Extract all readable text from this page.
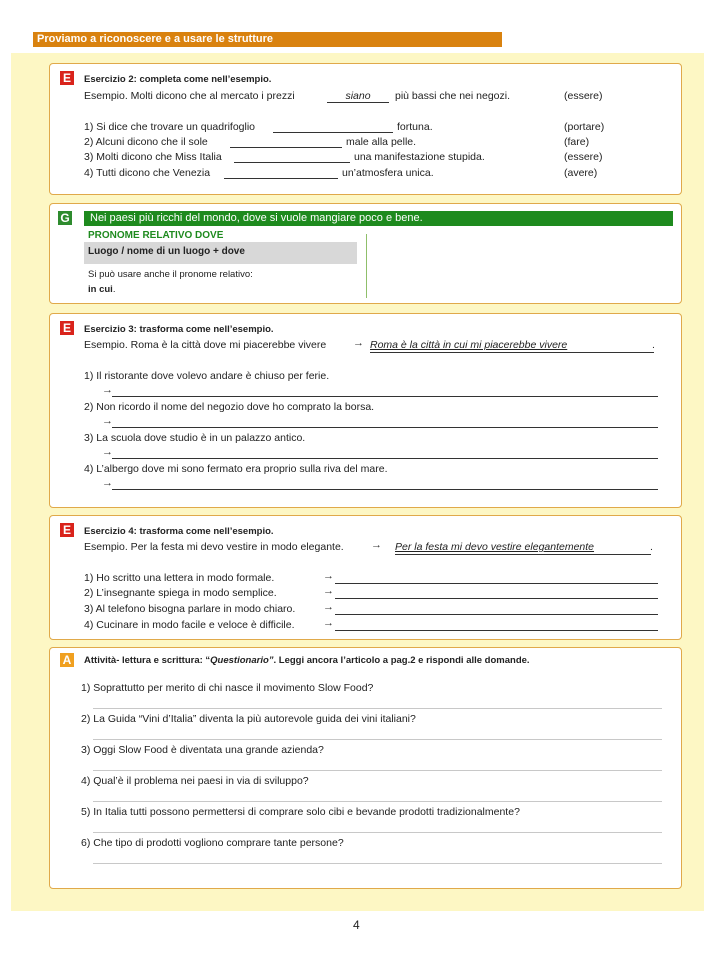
Proviamo a riconoscere e a usare le strutture
E	Esercizio 2: completa come nell’esempio.
Esempio. Molti dicono che al mercato i prezzi	siano	più bassi che nei negozi.	(essere)
1) Si dice che trovare un quadrifoglio	fortuna.	(portare)
2) Alcuni dicono che il sole	male alla pelle.	(fare)
3) Molti dicono che Miss Italia	una manifestazione stupida.	(essere)
4) Tutti dicono che Venezia	un’atmosfera unica.	(avere)
G	Nei paesi più ricchi del mondo, dove si vuole mangiare poco e bene.
PRONOME RELATIVO DOVE
Luogo / nome di un luogo + dove
Si può usare anche il pronome relativo:
in cui.
E	Esercizio 3: trasforma come nell’esempio.
Esempio. Roma è la città dove mi piacerebbe vivere → Roma è la città in cui mi piacerebbe vivere	.
1) Il ristorante dove volevo andare è chiuso per ferie.
→
2) Non ricordo il nome del negozio dove ho comprato la borsa.
→
3) La scuola dove studio è in un palazzo antico.
→
4) L’albergo dove mi sono fermato era proprio sulla riva del mare.
→
E	Esercizio 4: trasforma come nell’esempio.
Esempio. Per la festa mi devo vestire in modo elegante. → Per la festa mi devo vestire elegantemente	.
1) Ho scritto una lettera in modo formale.	→
2) L’insegnante spiega in modo semplice.	→
3) Al telefono bisogna parlare in modo chiaro.	→
4) Cucinare in modo facile e veloce è difficile.	→
A Attività- lettura e scrittura: “Questionario”. Leggi ancora l’articolo a pag.2 e rispondi alle domande.
1) Soprattutto per merito di chi nasce il movimento Slow Food?
2) La Guida “Vini d’Italia” diventa la più autorevole guida dei vini italiani?
3) Oggi Slow Food è diventata una grande azienda?
4) Qual’è il problema nei paesi in via di sviluppo?
5) In Italia tutti possono permettersi di comprare solo cibi e bevande prodotti tradizionalmente?
6) Che tipo di prodotti vogliono comprare tante persone?
4
